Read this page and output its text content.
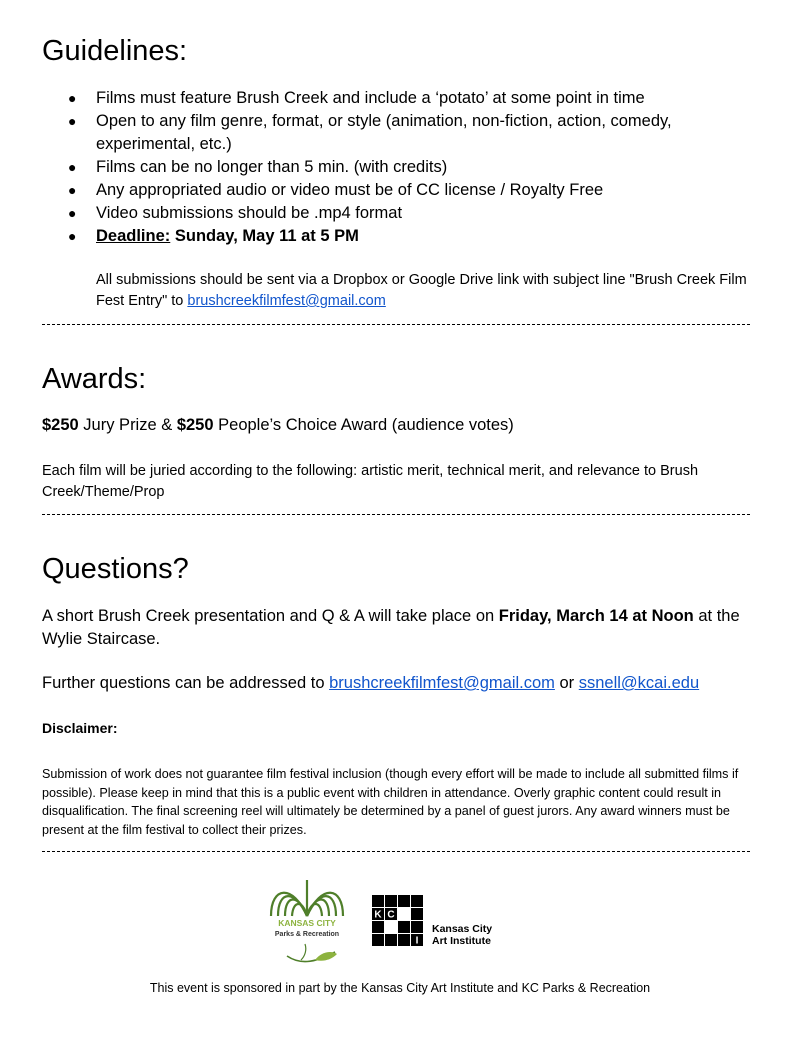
Guidelines:
● Films must feature Brush Creek and include a ‘potato’ at some point in time
● Open to any film genre, format, or style (animation, non-fiction, action, comedy, experimental, etc.)
● Films can be no longer than 5 min. (with credits)
● Any appropriated audio or video must be of CC license / Royalty Free
● Video submissions should be .mp4 format
● Deadline: Sunday, May 11 at 5 PM
All submissions should be sent via a Dropbox or Google Drive link with subject line "Brush Creek Film Fest Entry" to brushcreekfilmfest@gmail.com
Awards:
$250 Jury Prize & $250 People’s Choice Award (audience votes)
Each film will be juried according to the following: artistic merit, technical merit, and relevance to Brush Creek/Theme/Prop
Questions?
A short Brush Creek presentation and Q & A will take place on Friday, March 14 at Noon at the Wylie Staircase.
Further questions can be addressed to brushcreekfilmfest@gmail.com or ssnell@kcai.edu
Disclaimer:
Submission of work does not guarantee film festival inclusion (though every effort will be made to include all submitted films if possible). Please keep in mind that this is a public event with children in attendance. Overly graphic content could result in disqualification. The final screening reel will ultimately be determined by a panel of guest jurors. Any award winners must be present at the film festival to collect their prizes.
KANSAS CITY
Parks & Recreation
K C
A
I
Kansas City
Art Institute
This event is sponsored in part by the Kansas City Art Institute and KC Parks & Recreation
